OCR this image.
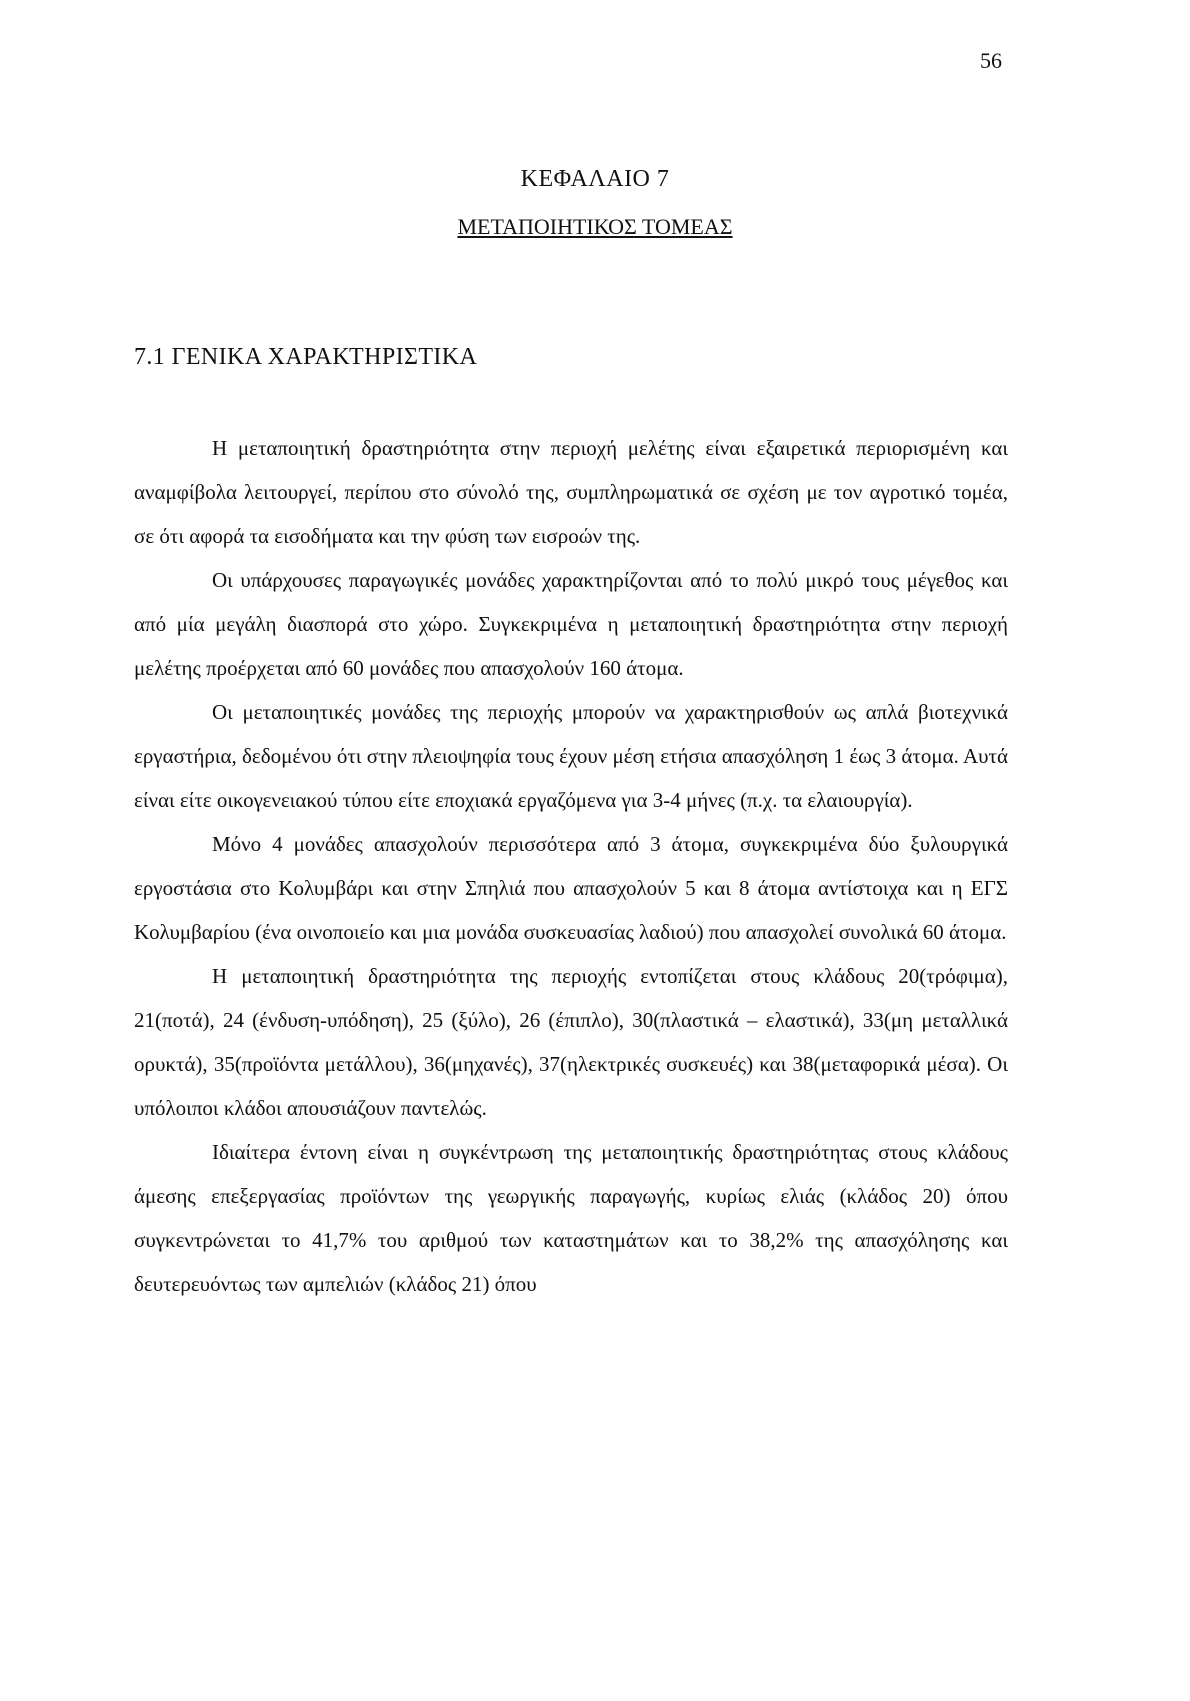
56
ΚΕΦΑΛΑΙΟ 7
ΜΕΤΑΠΟΙΗΤΙΚΟΣ ΤΟΜΕΑΣ
7.1 ΓΕΝΙΚΑ ΧΑΡΑΚΤΗΡΙΣΤΙΚΑ

Η μεταποιητική δραστηριότητα στην περιοχή μελέτης είναι εξαιρετικά περιορισμένη και αναμφίβολα λειτουργεί, περίπου στο σύνολό της, συμπληρωματικά σε σχέση με τον αγροτικό τομέα, σε ότι αφορά τα εισοδήματα και την φύση των εισροών της.

Οι υπάρχουσες παραγωγικές μονάδες χαρακτηρίζονται από το πολύ μικρό τους μέγεθος και από μία μεγάλη διασπορά στο χώρο. Συγκεκριμένα η μεταποιητική δραστηριότητα στην περιοχή μελέτης προέρχεται από 60 μονάδες που απασχολούν 160 άτομα.

Οι μεταποιητικές μονάδες της περιοχής μπορούν να χαρακτηρισθούν ως απλά βιοτεχνικά εργαστήρια, δεδομένου ότι στην πλειοψηφία τους έχουν μέση ετήσια απασχόληση 1 έως 3 άτομα. Αυτά είναι είτε οικογενειακού τύπου είτε εποχιακά εργαζόμενα για 3-4 μήνες (π.χ. τα ελαιουργία).

Μόνο 4 μονάδες απασχολούν περισσότερα από 3 άτομα, συγκεκριμένα δύο ξυλουργικά εργοστάσια στο Κολυμβάρι και στην Σπηλιά που απασχολούν 5 και 8 άτομα αντίστοιχα και η ΕΓΣ Κολυμβαρίου (ένα οινοποιείο και μια μονάδα συσκευασίας λαδιού) που απασχολεί συνολικά 60 άτομα.

Η μεταποιητική δραστηριότητα της περιοχής εντοπίζεται στους κλάδους 20(τρόφιμα), 21(ποτά), 24 (ένδυση-υπόδηση), 25 (ξύλο), 26 (έπιπλο), 30(πλαστικά – ελαστικά), 33(μη μεταλλικά ορυκτά), 35(προϊόντα μετάλλου), 36(μηχανές), 37(ηλεκτρικές συσκευές) και 38(μεταφορικά μέσα). Οι υπόλοιποι κλάδοι απουσιάζουν παντελώς.

Ιδιαίτερα έντονη είναι η συγκέντρωση της μεταποιητικής δραστηριότητας στους κλάδους άμεσης επεξεργασίας προϊόντων της γεωργικής παραγωγής, κυρίως ελιάς (κλάδος 20) όπου συγκεντρώνεται το 41,7% του αριθμού των καταστημάτων και το 38,2% της απασχόλησης και δευτερευόντως των αμπελιών (κλάδος 21) όπου
